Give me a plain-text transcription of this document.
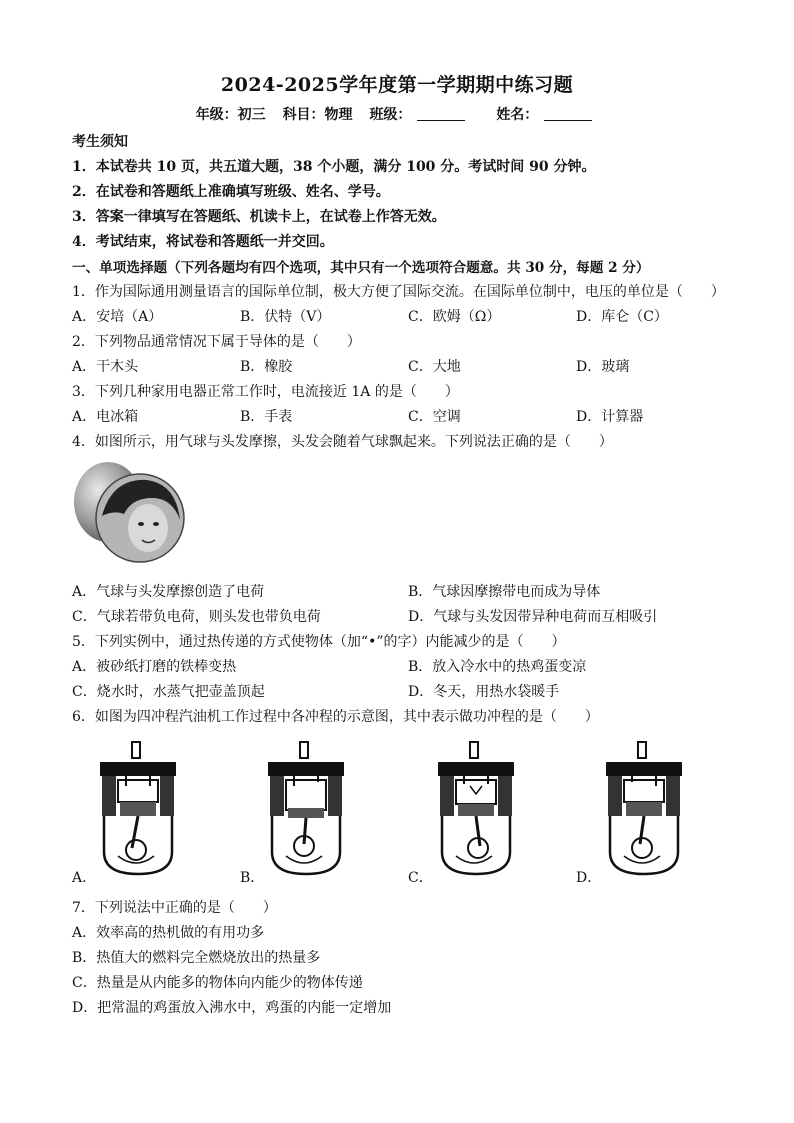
2024-2025学年度第一学期期中练习题
年级：初三 科目：物理 班级：	姓名：
考生须知
1．本试卷共 10 页，共五道大题，38 个小题，满分 100 分。考试时间 90 分钟。
2．在试卷和答题纸上准确填写班级、姓名、学号。
3．答案一律填写在答题纸、机读卡上，在试卷上作答无效。
4．考试结束，将试卷和答题纸一并交回。
一、单项选择题（下列各题均有四个选项，其中只有一个选项符合题意。共 30 分，每题 2 分）
1．作为国际通用测量语言的国际单位制，极大方便了国际交流。在国际单位制中，电压的单位是（　　）
A．安培（A）	B．伏特（V）	C．欧姆（Ω）	D．库仑（C）
2．下列物品通常情况下属于导体的是（　　）
A．干木头	B．橡胶	C．大地	D．玻璃
3．下列几种家用电器正常工作时，电流接近 1A 的是（　　）
A．电冰箱	B．手表	C．空调	D．计算器
4．如图所示，用气球与头发摩擦，头发会随着气球飘起来。下列说法正确的是（　　）
A．气球与头发摩擦创造了电荷	B．气球因摩擦带电而成为导体
C．气球若带负电荷，则头发也带负电荷	D．气球与头发因带异种电荷而互相吸引
5．下列实例中，通过热传递的方式使物体（加“•”的字）内能减少的是（　　）
A．被砂纸打磨的铁棒变热	B．放入冷水中的热鸡蛋变凉
C．烧水时，水蒸气把壶盖顶起	D．冬天，用热水袋暖手
6．如图为四冲程汽油机工作过程中各冲程的示意图，其中表示做功冲程的是（　　）
A．	B．	C．	D．
7．下列说法中正确的是（　　）
A．效率高的热机做的有用功多
B．热值大的燃料完全燃烧放出的热量多
C．热量是从内能多的物体向内能少的物体传递
D．把常温的鸡蛋放入沸水中，鸡蛋的内能一定增加
